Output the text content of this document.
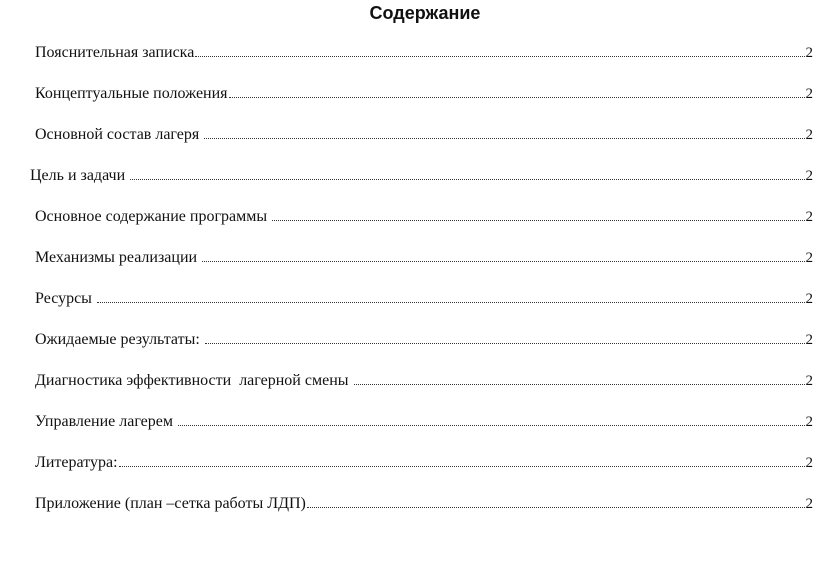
Содержание
Пояснительная записка	2
Концептуальные положения	2
Основной состав лагеря	2
Цель и задачи	2
Основное содержание программы	2
Механизмы реализации	2
Ресурсы	2
Ожидаемые результаты:	2
Диагностика эффективности  лагерной смены	2
Управление лагерем	2
Литература:	2
Приложение (план –сетка работы ЛДП)	2
